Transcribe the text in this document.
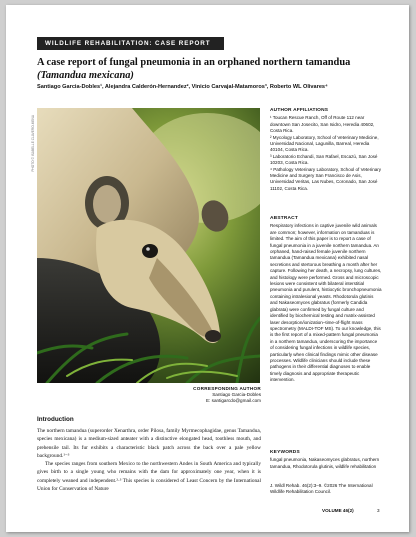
WILDLIFE REHABILITATION: CASE REPORT
A case report of fungal pneumonia in an orphaned northern tamandua (Tamandua mexicana)
Santiago Garcia-Dobles¹, Alejandra Calderón-Hernandez², Vinicio Carvajal-Matamoros³, Roberto WL Olivares⁴
PHOTO © ISABELLE CLAVERO-MENA
CORRESPONDING AUTHOR
Santiago Garcia-Dobles
E: santigarcdo@gmail.com
Introduction

The northern tamandua (superorder Xenarthra, order Pilosa, family Myrmecophagidae, genus Tamandua, species mexicana) is a medium-sized anteater with a distinctive elongated head, toothless mouth, and prehensile tail. Its fur exhibits a characteristic black patch across the back over a pale yellow background.¹⁻³

The species ranges from southern Mexico to the northwestern Andes in South America and typically gives birth to a single young who remains with the dam for approximately one year, when it is completely weaned and independent.²·³ This species is considered of Least Concern by the International Union for Conservation of Nature

AUTHOR AFFILIATIONS

¹ Toucan Rescue Ranch, Off of Route 112 near downtown San Josecito, San Isidro, Heredia 40602, Costa Rica.

² Mycology Laboratory, School of Veterinary Medicine, Universidad Nacional, Lagunilla, Barreal, Heredia 40104, Costa Rica.

³ Laboratorio Echandi, San Rafael, Escazú, San José 10203, Costa Rica.

⁴ Pathology Veterinary Laboratory, School of Veterinary Medicine and Surgery San Francisco de Asis, Universidad Veritas, Las Nubes, Coronado, San José 11102, Costa Rica.

ABSTRACT
Respiratory infections in captive juvenile wild animals are common; however, information on tamanduas is limited. The aim of this paper is to report a case of fungal pneumonia in a juvenile northern tamandua. An orphaned, hand-raised female juvenile northern tamandua (Tamandua mexicana) exhibited nasal secretions and stertorous breathing a month after her capture. Following her death, a necropsy, lung cultures, and histology were performed. Gross and microscopic lesions were consistent with bilateral interstitial pneumonia and purulent, histiocytic bronchopneumonia containing intralesional yeasts. Rhodotorula glutinis and Nakaseomyces glabratus (formerly Candida glabrata) were confirmed by fungal culture and identified by biochemical testing and matrix-assisted laser desorption/ionization–time-of-flight mass spectrometry (MALDI-TOF MS). To our knowledge, this is the first report of a mixed-pattern fungal pneumonia in a northern tamandua, underscoring the importance of considering fungal infections in wildlife species, particularly when clinical findings mimic other disease processes. Wildlife clinicians should include these pathogens in their differential diagnoses to enable timely diagnosis and appropriate therapeutic intervention.
KEYWORDS
fungal pneumonia, Nakaseomyces glabratus, northern tamandua, Rhodotorula glutinis, wildlife rehabilitation
J. Wildl Rehab. 46(2):3–9. ©2026 The International Wildlife Rehabilitation Council.
VOLUME 46(2)	3
